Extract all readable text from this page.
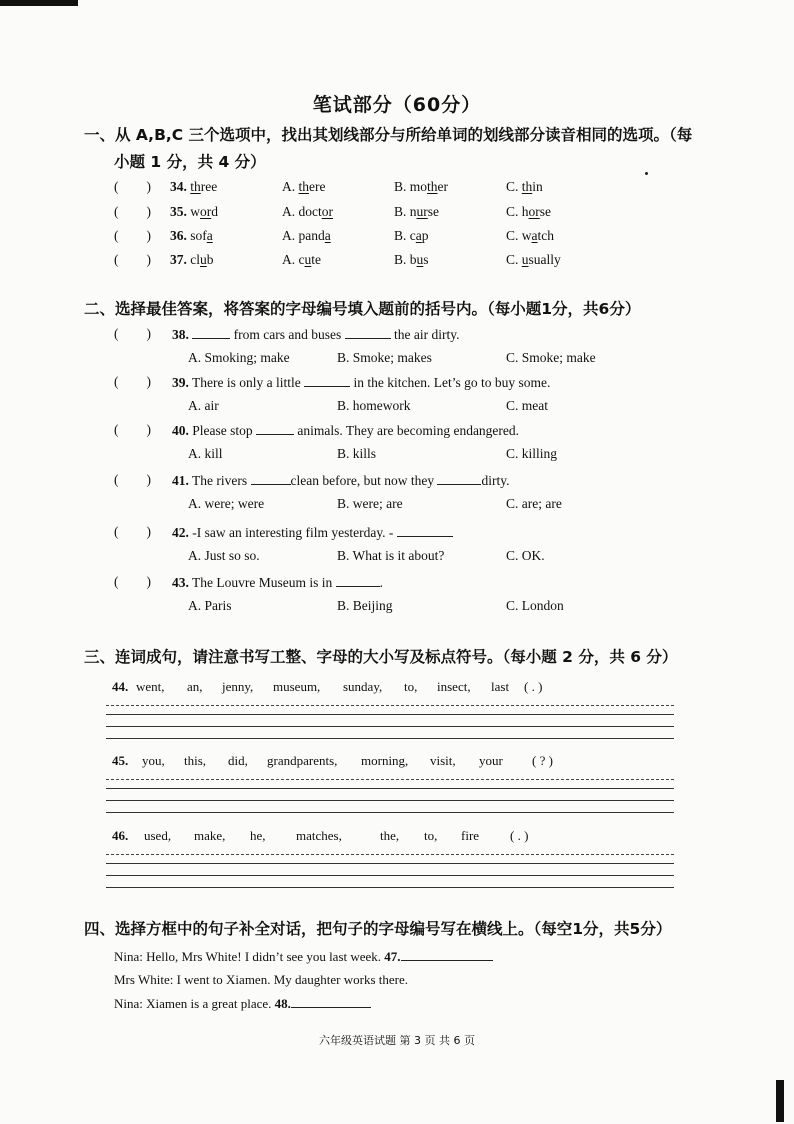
笔试部分（60分）
一、从 A,B,C 三个选项中，找出其划线部分与所给单词的划线部分读音相同的选项。（每
小题 1 分，共 4 分）
( )	34. three	A. there	B. mother	C. thin
( )	35. word	A. doctor	B. nurse	C. horse
( )	36. sofa	A. panda	B. cap	C. watch
( )	37. club	A. cute	B. bus	C. usually
二、选择最佳答案，将答案的字母编号填入题前的括号内。（每小题1分，共6分）
( )	38.	from cars and buses	the air dirty.
A. Smoking; make	B. Smoke; makes	C. Smoke; make
( )	39. There is only a little	in the kitchen. Let’s go to buy some.
A. air	B. homework	C. meat
( )	40. Please stop	animals. They are becoming endangered.
A. kill	B. kills	C. killing
( )	41. The rivers	clean before, but now they	dirty.
A. were; were	B. were; are	C. are; are
( )	42. -I saw an interesting film yesterday. -
A. Just so so.	B. What is it about?	C. OK.
( )	43. The Louvre Museum is in	.
A. Paris	B. Beijing	C. London
三、连词成句，请注意书写工整、字母的大小写及标点符号。（每小题 2 分，共 6 分）
44. went, an, jenny, museum, sunday, to, insect, last ( . )
45. you, this, did, grandparents, morning, visit, your ( ? )
46. used, make, he, matches,	the, to, fire ( . )
四、选择方框中的句子补全对话，把句子的字母编号写在横线上。（每空1分，共5分）
Nina: Hello, Mrs White! I didn’t see you last week. 47.
Mrs White: I went to Xiamen. My daughter works there.
Nina: Xiamen is a great place. 48.
六年级英语试题 第 3 页 共 6 页
